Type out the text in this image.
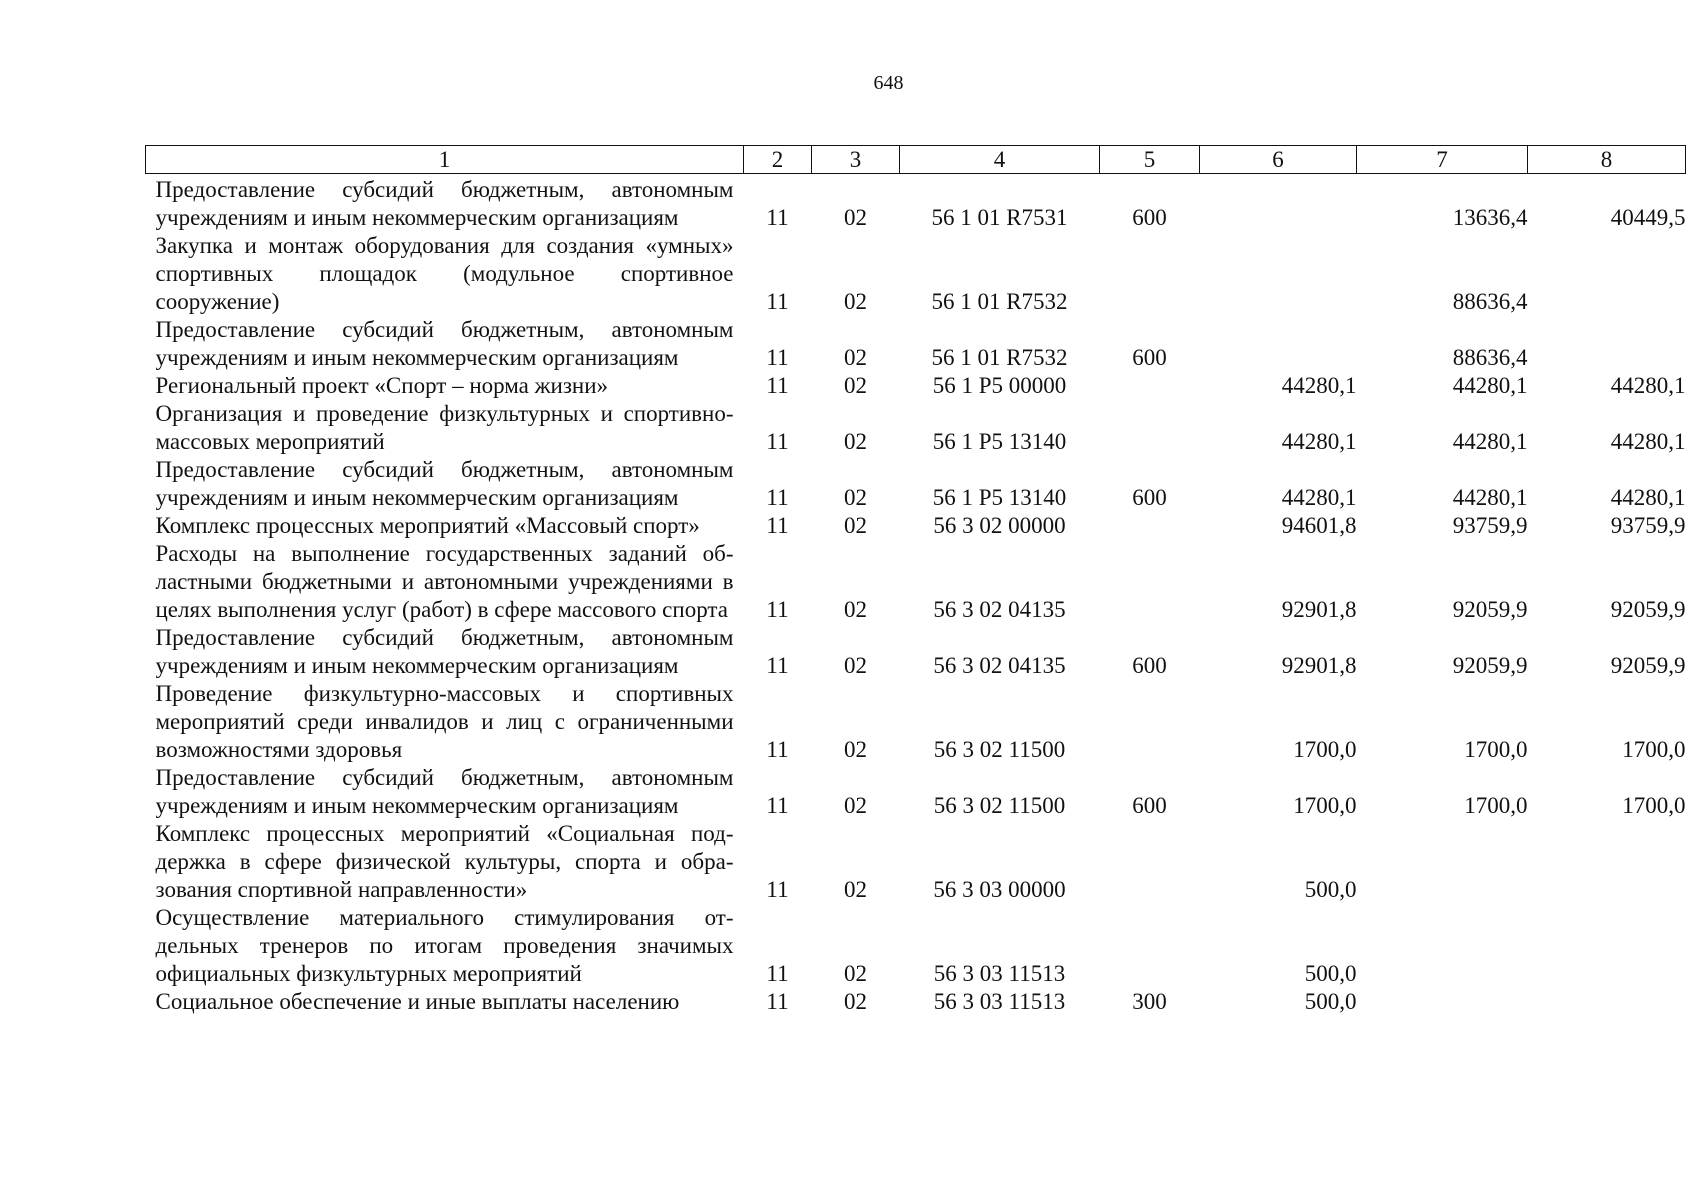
648
1	2	3	4	5	6	7	8
Предоставление субсидий бюджетным, автономным учреждениям и иным некоммерческим организациям	11	02	56 1 01 R7531	600		13636,4	40449,5
Закупка и монтаж оборудования для создания «умных» спортивных площадок (модульное спортивное сооружение)	11	02	56 1 01 R7532			88636,4	
Предоставление субсидий бюджетным, автономным учреждениям и иным некоммерческим организациям	11	02	56 1 01 R7532	600		88636,4	
Региональный проект «Спорт – норма жизни»	11	02	56 1 P5 00000		44280,1	44280,1	44280,1
Организация и проведение физкультурных и спортивно-массовых мероприятий	11	02	56 1 P5 13140		44280,1	44280,1	44280,1
Предоставление субсидий бюджетным, автономным учреждениям и иным некоммерческим организациям	11	02	56 1 P5 13140	600	44280,1	44280,1	44280,1
Комплекс процессных мероприятий «Массовый спорт»	11	02	56 3 02 00000		94601,8	93759,9	93759,9
Расходы на выполнение государственных заданий областными бюджетными и автономными учреждениями в целях выполнения услуг (работ) в сфере массового спорта	11	02	56 3 02 04135		92901,8	92059,9	92059,9
Предоставление субсидий бюджетным, автономным учреждениям и иным некоммерческим организациям	11	02	56 3 02 04135	600	92901,8	92059,9	92059,9
Проведение физкультурно-массовых и спортивных мероприятий среди инвалидов и лиц с ограниченными возможностями здоровья	11	02	56 3 02 11500		1700,0	1700,0	1700,0
Предоставление субсидий бюджетным, автономным учреждениям и иным некоммерческим организациям	11	02	56 3 02 11500	600	1700,0	1700,0	1700,0
Комплекс процессных мероприятий «Социальная поддержка в сфере физической культуры, спорта и образования спортивной направленности»	11	02	56 3 03 00000		500,0		
Осуществление материального стимулирования отдельных тренеров по итогам проведения значимых официальных физкультурных мероприятий	11	02	56 3 03 11513		500,0		
Социальное обеспечение и иные выплаты населению	11	02	56 3 03 11513	300	500,0		
